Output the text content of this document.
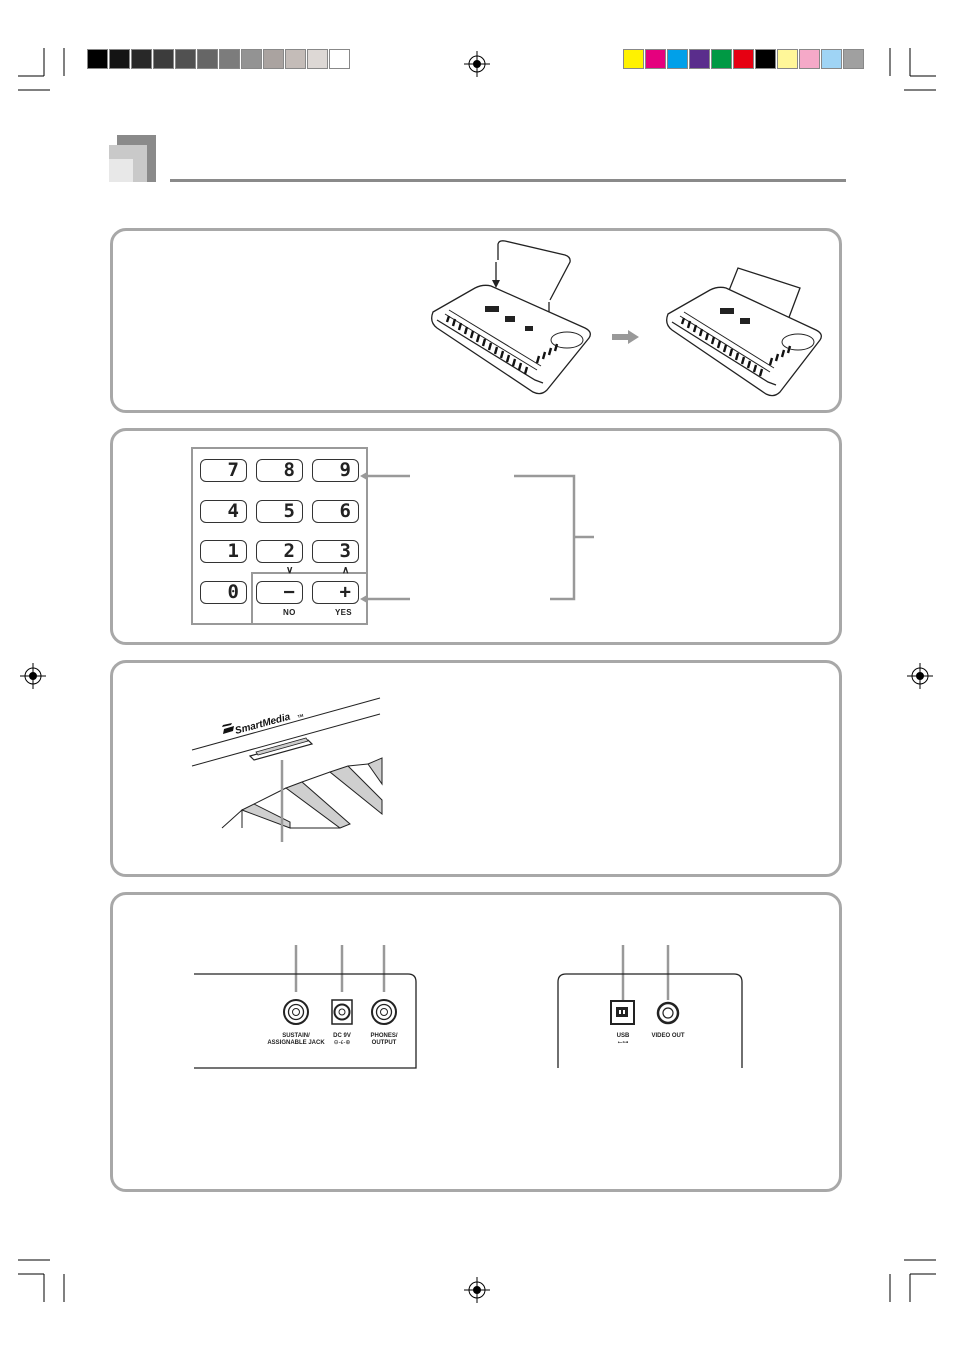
7	8	9
4	5	6
1	2	3
0	−	+
∨	∧
NO	YES
SmartMedia TM
SUSTAIN/ ASSIGNABLE JACK
DC 9V
⊖-ϵ-⊕
PHONES/ OUTPUT
USB
⭠⊶
VIDEO OUT
